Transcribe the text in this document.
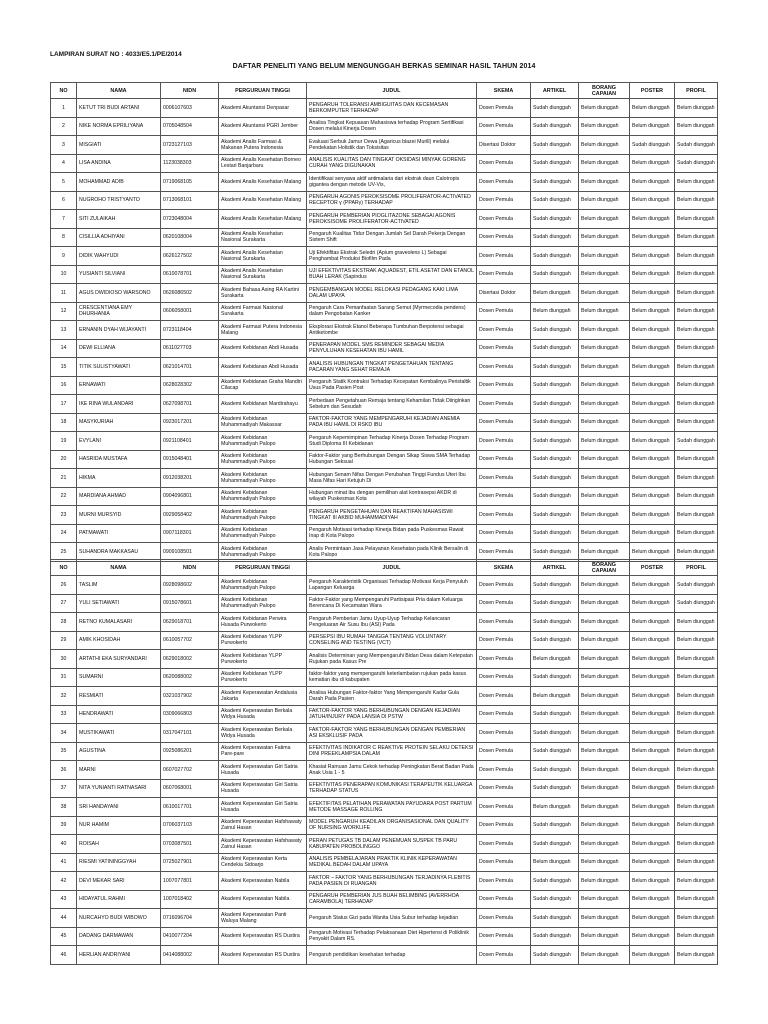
LAMPIRAN SURAT NO : 4033/E5.1/PE/2014
DAFTAR PENELITI YANG BELUM MENGUNGGAH BERKAS SEMINAR HASIL TAHUN 2014
NO	NAMA	NIDN	PERGURUAN TINGGI	JUDUL	SKEMA	ARTIKEL	BORANG CAPAIAN	POSTER	PROFIL

1	KETUT TRI BUDI ARTANI	0006107603	Akademi Akuntansi Denpasar	PENGARUH TOLERANSI AMBIGUITAS DAN KECEMASAN BERKOMPUTER TERHADAP	Dosen Pemula	Sudah diunggah	Belum diunggah	Belum diunggah	Belum diunggah

2	NIKE NORMA EPRILIYANA	0705048504	Akademi Akuntansi PGRI Jember	Analisa Tingkat Kepuasan Mahasiswa terhadap Program Sertifikasi Dosen melalui Kinerja Dosen	Dosen Pemula	Sudah diunggah	Belum diunggah	Belum diunggah	Belum diunggah

3	MISGIATI	0723127103	Akademi Analis Farmasi & Makanan Putera Indonesia	Evaluasi Serbuk Jamur Oewa (Agaricus blazei Murill) melalui Pendekatan Holistik dan Toksisitas	Disertasi Doktor	Sudah diunggah	Belum diunggah	Sudah diunggah	Sudah diunggah

4	LISA ANDINA	1123038303	Akademi Analis Kesehatan Borneo Lestari Banjarbaru	ANALISIS KUALITAS DAN TINGKAT OKSIDASI MINYAK GORENG CURAH YANG DIGUNAKAN	Dosen Pemula	Sudah diunggah	Belum diunggah	Belum diunggah	Sudah diunggah

5	MOHAMMAD ADIB	0719068105	Akademi Analis Kesehatan Malang	Identifikasi senyawa aktif antimalaria dari ekstrak daun Calotropis gigantea dengan metode UV-Vis,	Dosen Pemula	Sudah diunggah	Belum diunggah	Belum diunggah	Belum diunggah

6	NUGROHO TRISTYANTO	0713068101	Akademi Analis Kesehatan Malang	PENGARUH AGONIS PEROKSISOME PROLIFERATOR-ACTIVATED RECEPTOR γ (PPARγ) TERHADAP	Dosen Pemula	Sudah diunggah	Belum diunggah	Belum diunggah	Belum diunggah

7	SITI ZULAIKAH	0723048004	Akademi Analis Kesehatan Malang	PENGARUH PEMBERIAN PIOGLITAZONE SEBAGAI AGONIS PEROKSISOME PROLIFERATOR-ACTIVATED	Dosen Pemula	Sudah diunggah	Belum diunggah	Belum diunggah	Belum diunggah

8	CISILLIA ADHIYANI	0620108004	Akademi Analis Kesehatan Nasional Surakarta	Pengaruh Kualitas Tidur Dengan Jumlah Sel Darah Pekerja Dengan Sistem Shift	Dosen Pemula	Sudah diunggah	Belum diunggah	Belum diunggah	Belum diunggah

9	DIDIK WAHYUDI	0626127502	Akademi Analis Kesehatan Nasional Surakarta	Uji Efektifitas Ekstrak Seledri (Apium graveolens L) Sebagai Penghambat Produksi Biofilm Pada	Dosen Pemula	Sudah diunggah	Belum diunggah	Belum diunggah	Belum diunggah

10	YUSIANTI SILVIANI	0610078701	Akademi Analis Kesehatan Nasional Surakarta	UJI EFEKTIVITAS EKSTRAK AQUADEST, ETIL ASETAT DAN ETANOL BUAH LERAK (Sapindus	Dosen Pemula	Sudah diunggah	Belum diunggah	Belum diunggah	Belum diunggah

11	AGUS DWIDIOSO WARSONO	0626086502	Akademi Bahasa Asing RA Kartini Surakarta	PENGEMBANGAN MODEL RELOKASI PEDAGANG KAKI LIMA DALAM UPAYA	Disertasi Doktor	Belum diunggah	Belum diunggah	Belum diunggah	Belum diunggah

12	CRESCENTIANA EMY DHURHANIA	0606058001	Akademi Farmasi Nasional Surakarta	Pengaruh Cara Pemanfaatan Sarang Semut (Myrmecodia pendens) dalam Pengobatan Kanker	Dosen Pemula	Belum diunggah	Belum diunggah	Belum diunggah	Belum diunggah

13	ERNANIN DYAH WIJAYANTI	0723118404	Akademi Farmasi Putera Indonesia Malang	Eksplorasi Ekstrak Etanol Beberapa Tumbuhan Berpotensi sebagai Antiketombe	Dosen Pemula	Sudah diunggah	Belum diunggah	Belum diunggah	Belum diunggah

14	DEWI ELLIANA	0611027703	Akademi Kebidanan Abdi Husada	PENERAPAN MODEL SMS REMINDER SEBAGAI MEDIA PENYULUHAN KESEHATAN IBU HAMIL	Dosen Pemula	Sudah diunggah	Belum diunggah	Belum diunggah	Belum diunggah

15	TITIK SULISTYAWATI	0621014701	Akademi Kebidanan Abdi Husada	ANALISIS HUBUNGAN TINGKAT PENGETAHUAN TENTANG PACARAN YANG SEHAT REMAJA	Dosen Pemula	Sudah diunggah	Belum diunggah	Belum diunggah	Belum diunggah

16	ERNAWATI	0628028302	Akademi Kebidanan Graha Mandiri Cilacap	Pengaruh Statik Kontraksi Terhadap Kecepatan Kembalinya Peristaltik Usus Pada Pasien Post	Dosen Pemula	Sudah diunggah	Belum diunggah	Belum diunggah	Belum diunggah

17	IKE RINA WULANDARI	0627098701	Akademi Kebidanan Mardirahayu	Perbedaan Pengetahuan Remaja tentang Kehamilan Tidak Diinginkan Sebelum dan Sesudah	Dosen Pemula	Sudah diunggah	Belum diunggah	Belum diunggah	Belum diunggah

18	MASYKURIAH	0923017201	Akademi Kebidanan Muhammadiyah Makassar	FAKTOR-FAKTOR YANG MEMPENGARUHI KEJADIAN ANEMIA PADA IBU HAMIL DI RSKD IBU	Dosen Pemula	Sudah diunggah	Belum diunggah	Belum diunggah	Belum diunggah

19	EVYLANI	0921108401	Akademi Kebidanan Muhammadiyah Palopo	Pengaruh Kepemimpinan Terhadap Kinerja Dosen Terhadap Program Studi Diploma III Kebidanan	Dosen Pemula	Sudah diunggah	Belum diunggah	Belum diunggah	Sudah diunggah

20	HASRIDA MUSTAFA	0915048401	Akademi Kebidanan Muhammadiyah Palopo	Faktor-Faktor yang Berhubungan Dengan Sikap Siswa SMA Terhadap Hubungan Seksual	Dosen Pemula	Sudah diunggah	Belum diunggah	Belum diunggah	Belum diunggah

21	HIKMA	0912038201	Akademi Kebidanan Muhammadiyah Palopo	Hubungan Senam Nifas Dengan Perubahan Tinggi Fundus Uteri Ibu Masa Nifas Hari Ketujuh Di	Dosen Pemula	Sudah diunggah	Belum diunggah	Belum diunggah	Belum diunggah

22	MARDIANA AHMAD	0904096801	Akademi Kebidanan Muhammadiyah Palopo	Hubungan minat ibu dengan pemilihan alat kontrasepsi AKDR di wilayah Puskesmas Kota	Dosen Pemula	Sudah diunggah	Belum diunggah	Belum diunggah	Belum diunggah

23	MURNI MURSYID	0929058402	Akademi Kebidanan Muhammadiyah Palopo	PENGARUH PENGETAHUAN DAN REAKTIFAN MAHASISWI TINGKAT III AKBID MUHAMMADIYAH	Dosen Pemula	Sudah diunggah	Belum diunggah	Belum diunggah	Belum diunggah

24	PATMAWATI	0907118301	Akademi Kebidanan Muhammadiyah Palopo	Pengaruh Motivasi terhadap Kinerja Bidan pada Puskesmas Rawat Inap di Kota Palopo	Dosen Pemula	Sudah diunggah	Belum diunggah	Belum diunggah	Belum diunggah

25	SUHANDRA MAKKASAU	0909108501	Akademi Kebidanan Muhammadiyah Palopo	Analis Permintaan Jasa Pelayanan Kesehatan pada Klinik Bersalin di Kota Palopo	Dosen Pemula	Sudah diunggah	Belum diunggah	Belum diunggah	Belum diunggah
NO	NAMA	NIDN	PERGURUAN TINGGI	JUDUL	SKEMA	ARTIKEL	BORANG CAPAIAN	POSTER	PROFIL

26	TASLIM	0928098602	Akademi Kebidanan Muhammadiyah Palopo	Pengaruh Karakteristik Organisasi Terhadap Motivasi Kerja Penyuluh Lapangan Keluarga	Dosen Pemula	Sudah diunggah	Belum diunggah	Belum diunggah	Sudah diunggah

27	YULI SETIAWATI	0915078601	Akademi Kebidanan Muhammadiyah Palopo	Faktor-Faktor yang Mempengaruhi Partisipasi Pria dalam Keluarga Berencana Di Kecamatan Wara	Dosen Pemula	Sudah diunggah	Belum diunggah	Belum diunggah	Sudah diunggah

28	RETNO KUMALASARI	0629018701	Akademi Kebidanan Perwira Husada Purwokerto	Pengaruh Pemberian Jamu Uyup-Uyup Terhadap Kelancaran Pengeluaran Air Susu Ibu (ASI) Pada	Dosen Pemula	Sudah diunggah	Belum diunggah	Belum diunggah	Belum diunggah

29	AMIK KHOSIDAH	0610057702	Akademi Kebidanan YLPP Purwokerto	PERSEPSI IBU RUMAH TANGGA TENTANG VOLUNTARY CONSELING AND TESTING (VCT)	Dosen Pemula	Sudah diunggah	Belum diunggah	Belum diunggah	Belum diunggah

30	ARTATHI EKA SURYANDARI	0629018002	Akademi Kebidanan YLPP Purwokerto	Analisis Determinan yang Mempengaruhi Bidan Desa dalam Ketepatan Rujukan pada Kasus Pre	Dosen Pemula	Belum diunggah	Belum diunggah	Belum diunggah	Belum diunggah

31	SUMARNI	0620088002	Akademi Kebidanan YLPP Purwokerto	faktor-faktor yang mempengaruhi keterlambatan rujukan pada kasus kematian ibu di kabupaten	Dosen Pemula	Sudah diunggah	Belum diunggah	Belum diunggah	Belum diunggah

32	RESMIATI	0321037902	Akademi Keperawatan Andalusia Jakarta	Analisa Hubungan Faktor-faktor Yang Mempengaruhi Kadar Gula Darah Pada Pasien	Dosen Pemula	Belum diunggah	Belum diunggah	Belum diunggah	Belum diunggah

33	HENDRAWATI	0309066803	Akademi Keperawatan Berkala Widya Husada	FAKTOR-FAKTOR YANG BERHUBUNGAN DENGAN KEJADIAN JATUH/INJURY PADA LANSIA DI PSTW	Dosen Pemula	Sudah diunggah	Belum diunggah	Belum diunggah	Belum diunggah

34	MUSTIKAWATI	0317047101	Akademi Keperawatan Berkala Widya Husada	FAKTOR-FAKTOR YANG BERHUBUNGAN DENGAN PEMBERIAN ASI EKSKLUSIF PADA	Dosen Pemula	Sudah diunggah	Belum diunggah	Belum diunggah	Belum diunggah

35	AGUSTINA	0925086201	Akademi Keperawatan Fatima Pare-pare	EFEKTIVITAS INDIKATOR C REAKTIVE PROTEIN SELAKU DETEKSI DINI PREEKLAMPSIA DALAM	Dosen Pemula	Sudah diunggah	Belum diunggah	Belum diunggah	Belum diunggah

36	MARNI	0607027702	Akademi Keperawatan Giri Satria Husada	Khasiat Ramuan Jamu Cekok terhadap Peningkatan Berat Badan Pada Anak Usia 1 - 5	Dosen Pemula	Sudah diunggah	Belum diunggah	Belum diunggah	Belum diunggah

37	NITA YUNIANTI RATNASARI	0607068001	Akademi Keperawatan Giri Satria Husada	EFEKTIVITAS PENERAPAN KOMUNIKASI TERAPEUTIK KELUARGA TERHADAP STATUS	Dosen Pemula	Sudah diunggah	Belum diunggah	Belum diunggah	Belum diunggah

38	SRI HANDAYANI	0610017701	Akademi Keperawatan Giri Satria Husada	EFEKTIFITAS PELATIHAN PERAWATAN PAYUDARA POST PARTUM METODE MASSAGE ROLLING	Dosen Pemula	Belum diunggah	Belum diunggah	Belum diunggah	Belum diunggah

39	NUR HAMIM	0706037103	Akademi Keperawatan Hafshawaty Zainul Hasan	MODEL PENGARUH KEADILAN ORGANISASIONAL DAN QUALITY OF NURSING WORKLIFE	Dosen Pemula	Sudah diunggah	Belum diunggah	Belum diunggah	Belum diunggah

40	ROISAH	0703087501	Akademi Keperawatan Hafshawaty Zainul Hasan	PERAN PETUGAS TB DALAM PENEMUAN SUSPEK TB PARU KABUPATEN PROBOLINGGO	Dosen Pemula	Sudah diunggah	Belum diunggah	Belum diunggah	Belum diunggah

41	RIESMI YATININGGYAH	0725027901	Akademi Keperawatan Kerta Cendekia Sidoarjo	ANALISIS PEMBELAJARAN PRAKTIK KLINIK KEPERAWATAN MEDIKAL BEDAH DALAM UPAYA	Dosen Pemula	Belum diunggah	Belum diunggah	Belum diunggah	Belum diunggah

42	DEVI MEKAR SARI	1007077801	Akademi Keperawatan Nabila	FAKTOR – FAKTOR YANG BERHUBUNGAN TERJADINYA FLEBITIS PADA PASIEN DI RUANGAN	Dosen Pemula	Sudah diunggah	Belum diunggah	Belum diunggah	Belum diunggah

43	HIDAYATUL RAHMI	1007018402	Akademi Keperawatan Nabila	PENGARUH PEMBERIAN JUS BUAH BELIMBING (AVERRHOA CARAMBOLA) TERHADAP	Dosen Pemula	Sudah diunggah	Belum diunggah	Belum diunggah	Belum diunggah

44	NURCAHYO BUDI WIBOWO	0716096704	Akademi Keperawatan Panti Waluya Malang	Pengaruh Status Gizi pada Wanita Usia Subur terhadap kejadian	Dosen Pemula	Sudah diunggah	Belum diunggah	Belum diunggah	Belum diunggah

45	DADANG DARMAWAN	0410077204	Akademi Keperawatan RS Dustira	Pengaruh Motivasi Terhadap Pelaksanaan Diet Hipertensi di Poliklinik Penyakit Dalam RS.	Dosen Pemula	Sudah diunggah	Belum diunggah	Belum diunggah	Belum diunggah

46	HERLIAN ANDRIYANI	0414088002	Akademi Keperawatan RS Dustira	Pengaruh pendidikan kesehatan terhadap	Dosen Pemula	Sudah diunggah	Belum diunggah	Belum diunggah	Belum diunggah
